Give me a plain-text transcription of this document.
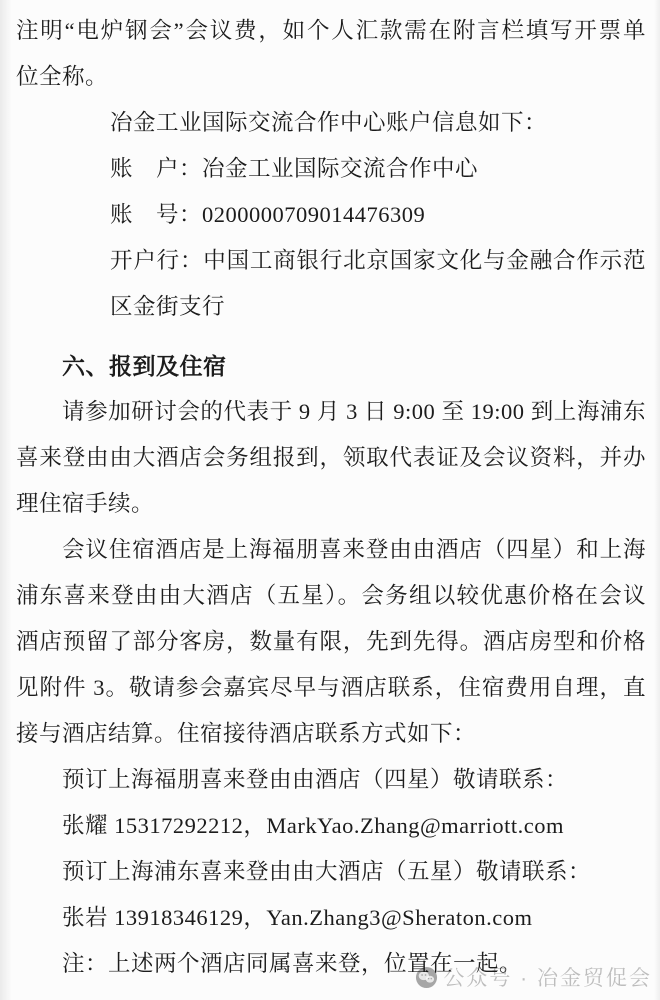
注明“电炉钢会”会议费，如个人汇款需在附言栏填写开票单
位全称。
冶金工业国际交流合作中心账户信息如下：
账　户：冶金工业国际交流合作中心
账　号：0200000709014476309
开户行：中国工商银行北京国家文化与金融合作示范
区金街支行
六、报到及住宿
请参加研讨会的代表于 9 月 3 日 9:00 至 19:00 到上海浦东
喜来登由由大酒店会务组报到，领取代表证及会议资料，并办
理住宿手续。
会议住宿酒店是上海福朋喜来登由由酒店（四星）和上海
浦东喜来登由由大酒店（五星）。会务组以较优惠价格在会议
酒店预留了部分客房，数量有限，先到先得。酒店房型和价格
见附件 3。敬请参会嘉宾尽早与酒店联系，住宿费用自理，直
接与酒店结算。住宿接待酒店联系方式如下：
预订上海福朋喜来登由由酒店（四星）敬请联系：
张耀 15317292212，MarkYao.Zhang@marriott.com
预订上海浦东喜来登由由大酒店（五星）敬请联系：
张岩 13918346129，Yan.Zhang3@Sheraton.com
注：上述两个酒店同属喜来登，位置在一起。
公众号 · 冶金贸促会
